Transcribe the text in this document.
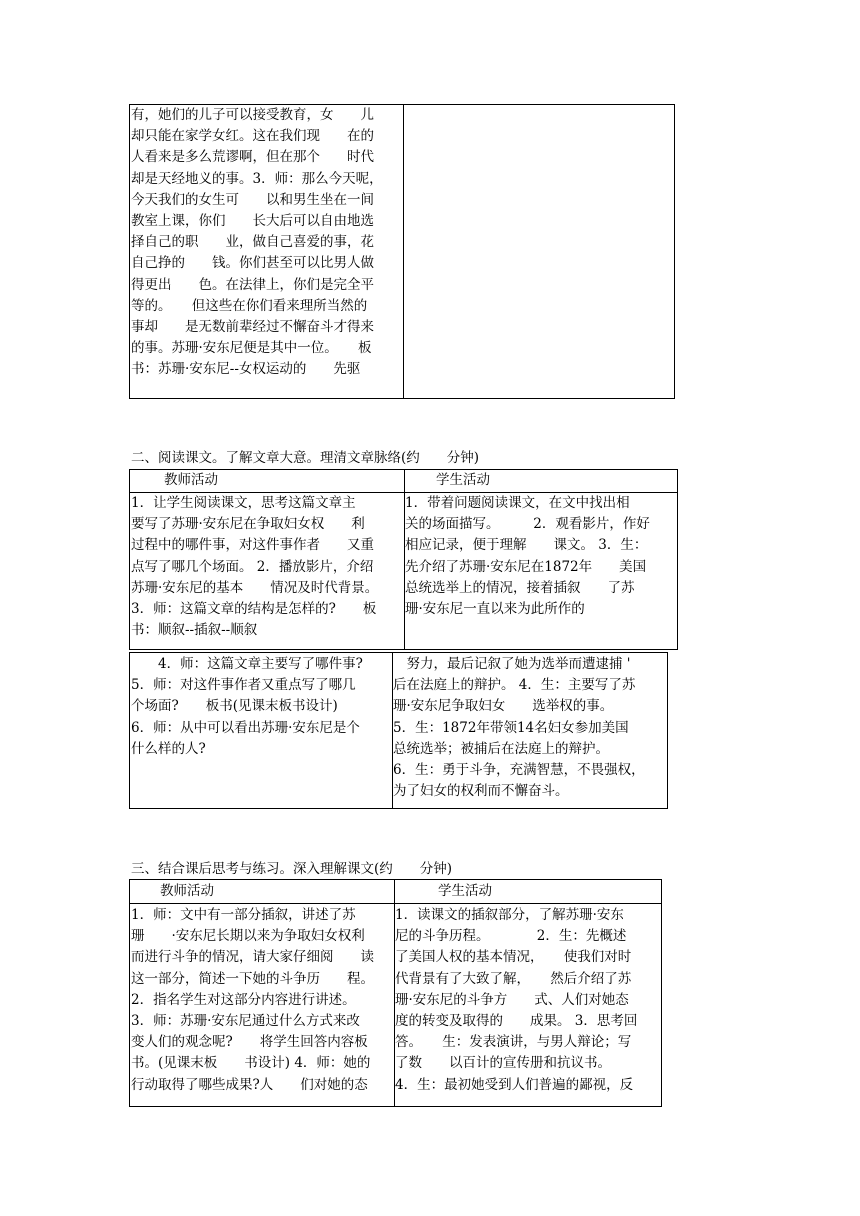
有，她们的儿子可以接受教育，女　　儿
却只能在家学女红。这在我们现　　在的
人看来是多么荒谬啊，但在那个　　时代
却是天经地义的事。3．师：那么今天呢，
今天我们的女生可　　以和男生坐在一间
教室上课，你们　　长大后可以自由地选
择自己的职　　业，做自己喜爱的事，花
自己挣的　　钱。你们甚至可以比男人做
得更出　　色。在法律上，你们是完全平
等的。　　但这些在你们看来理所当然的
事却　　是无数前辈经过不懈奋斗才得来
的事。苏珊·安东尼便是其中一位。　　板
书：苏珊·安东尼--女权运动的　　先驱
二、阅读课文。了解文章大意。理清文章脉络(约　　分钟)
教师活动	学生活动
1．让学生阅读课文，思考这篇文章主
要写了苏珊·安东尼在争取妇女权　　利
过程中的哪件事，对这件事作者　　又重
点写了哪几个场面。 2．播放影片，介绍
苏珊·安东尼的基本　　情况及时代背景。
3．师：这篇文章的结构是怎样的?　　板
书：顺叙--插叙--顺叙
1．带着问题阅读课文，在文中找出相
关的场面描写。　　　2．观看影片，作好
相应记录，便于理解　　课文。 3．生：
先介绍了苏珊·安东尼在1872年　　美国
总统选举上的情况，接着插叙　　了苏
珊·安东尼一直以来为此所作的
　　4．师：这篇文章主要写了哪件事?
5．师：对这件事作者又重点写了哪几
个场面?　　板书(见课末板书设计)
6．师：从中可以看出苏珊·安东尼是个
什么样的人?
　努力，最后记叙了她为选举而遭逮捕 '
后在法庭上的辩护。 4．生：主要写了苏
珊·安东尼争取妇女　　选举权的事。
5．生：1872年带领14名妇女参加美国
总统选举；被捕后在法庭上的辩护。
6．生：勇于斗争，充满智慧，不畏强权，
为了妇女的权利而不懈奋斗。
三、结合课后思考与练习。深入理解课文(约　　分钟)
教师活动	学生活动
1．师：文中有一部分插叙，讲述了苏
珊　　·安东尼长期以来为争取妇女权利
而进行斗争的情况，请大家仔细阅　　读
这一部分，简述一下她的斗争历　　程。
2．指名学生对这部分内容进行讲述。
3．师：苏珊·安东尼通过什么方式来改
变人们的观念呢?　　将学生回答内容板
书。(见课末板　　书设计) 4．师：她的
行动取得了哪些成果?人　　们对她的态
1．读课文的插叙部分，了解苏珊·安东
尼的斗争历程。　　　　2．生：先概述
了美国人权的基本情况，　　使我们对时
代背景有了大致了解，　　然后介绍了苏
珊·安东尼的斗争方　　式、人们对她态
度的转变及取得的　　成果。 3．思考回
答。　　生：发表演讲，与男人辩论；写
了数　　以百计的宣传册和抗议书。
4．生：最初她受到人们普遍的鄙视，反
